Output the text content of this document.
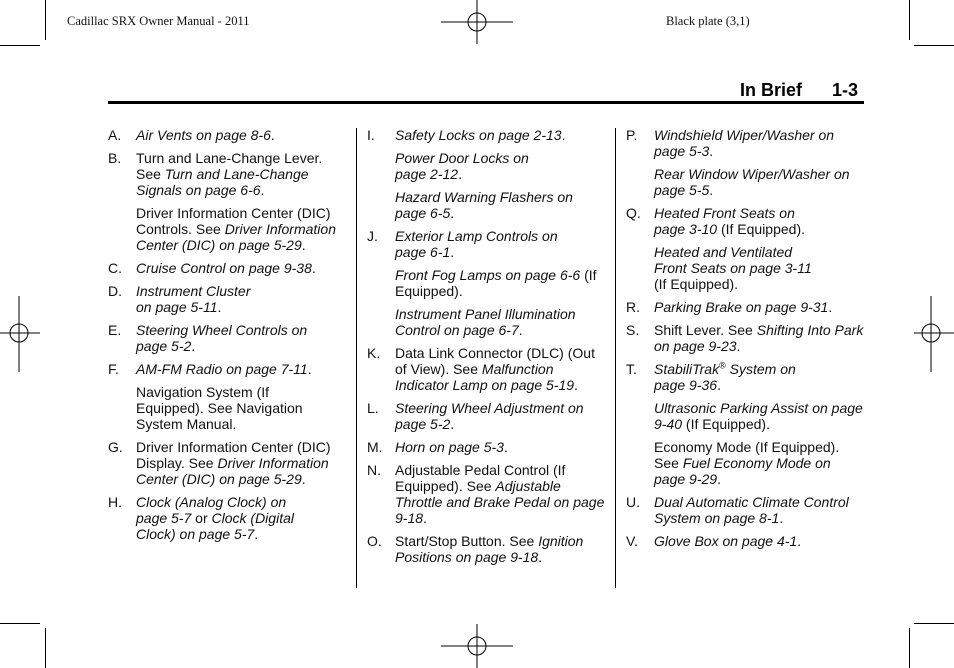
Cadillac SRX Owner Manual - 2011	Black plate (3,1)
In Brief 1-3
A.	Air Vents on page 8-6.
B.	Turn and Lane-Change Lever.
See Turn and Lane-Change Signals on page 6-6.
Driver Information Center (DIC) Controls. See Driver Information Center (DIC) on page 5-29.
C.	Cruise Control on page 9-38.
D.	Instrument Cluster on page 5-11.
E.	Steering Wheel Controls on page 5-2.
F.	AM-FM Radio on page 7-11.
Navigation System (If Equipped). See Navigation System Manual.
G. Driver Information Center (DIC) Display. See Driver Information Center (DIC) on page 5-29.
H.	Clock (Analog Clock) on page 5-7 or Clock (Digital Clock) on page 5-7.
I.	Safety Locks on page 2-13.
Power Door Locks on page 2-12.
Hazard Warning Flashers on page 6-5.
J.	Exterior Lamp Controls on page 6-1.
Front Fog Lamps on page 6-6 (If Equipped).
Instrument Panel Illumination Control on page 6-7.
K.	Data Link Connector (DLC) (Out of View). See Malfunction Indicator Lamp on page 5-19.
L.	Steering Wheel Adjustment on page 5-2.
M. Horn on page 5-3.
N.	Adjustable Pedal Control (If Equipped). See Adjustable Throttle and Brake Pedal on page 9-18.
O. Start/Stop Button. See Ignition Positions on page 9-18.
P.	Windshield Wiper/Washer on page 5-3.
Rear Window Wiper/Washer on page 5-5.
Q. Heated Front Seats on page 3-10 (If Equipped).
Heated and Ventilated Front Seats on page 3-11 (If Equipped).
R.	Parking Brake on page 9-31.
S.	Shift Lever. See Shifting Into Park on page 9-23.
T.	StabiliTrak® System on page 9-36.
Ultrasonic Parking Assist on page 9-40 (If Equipped).
Economy Mode (If Equipped). See Fuel Economy Mode on page 9-29.
U.	Dual Automatic Climate Control System on page 8-1.
V.	Glove Box on page 4-1.
